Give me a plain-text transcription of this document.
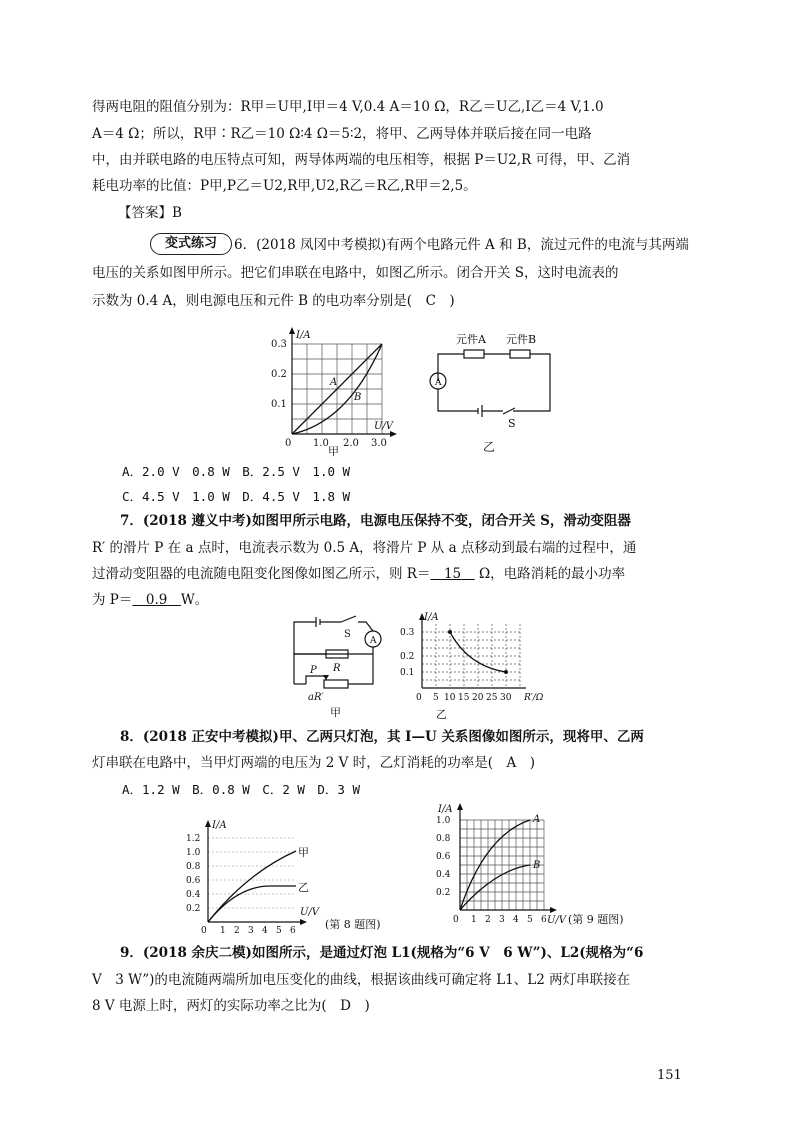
得两电阻的阻值分别为：R甲＝U甲,I甲＝4 V,0.4 A＝10 Ω，R乙＝U乙,I乙＝4 V,1.0
A＝4 Ω；所以，R甲∶R乙＝10 Ω∶4 Ω＝5∶2，将甲、乙两导体并联后接在同一电路
中，由并联电路的电压特点可知，两导体两端的电压相等，根据 P＝U2,R 可得，甲、乙消
耗电功率的比值：P甲,P乙＝U2,R甲,U2,R乙＝R乙,R甲＝2,5。
【答案】B
变式练习	6．(2018 凤冈中考模拟)有两个电路元件 A 和 B，流过元件的电流与其两端
电压的关系如图甲所示。把它们串联在电路中，如图乙所示。闭合开关 S，这时电流表的
示数为 0.4 A，则电源电压和元件 B 的电功率分别是(　C　)
I/A
U/V
0
0.1
0.2
0.3
1.0 2.0 3.0
A
B
甲
A
元件A 元件B
S
乙
A．2.0 V　0.8 W　B．2.5 V　1.0 W
C．4.5 V　1.0 W　D．4.5 V　1.8 W
7．(2018 遵义中考)如图甲所示电路，电源电压保持不变，闭合开关 S，滑动变阻器
R′ 的滑片 P 在 a 点时，电流表示数为 0.5 A，将滑片 P 从 a 点移动到最右端的过程中，通
过滑动变阻器的电流随电阻变化图像如图乙所示，则 R＝　 15　 Ω，电路消耗的最小功率
为 P＝　 0.9　 W。
A
S
R
P
aR′
甲
I/A
R′/Ω
0
0.3
0.2
0.1
5 10 15 20 25 30
乙
8．(2018 正安中考模拟)甲、乙两只灯泡，其 I—U 关系图像如图所示，现将甲、乙两
灯串联在电路中，当甲灯两端的电压为 2 V 时，乙灯消耗的功率是(　A　)
A．1.2 W　B．0.8 W　C．2 W　D．3 W
I/A
U/V
0
0.2
0.4
0.6
0.8
1.0
1.2
1 2 3 4 5 6
甲
乙
(第 8 题图)
I/A
U/V
0
0.2
0.4
0.6
0.8
1.0
1 2 3 4 5 6
A
B
(第 9 题图)
9．(2018 余庆二模)如图所示，是通过灯泡 L1(规格为“6 V　6 W”)、L2(规格为“6
V　3 W”)的电流随两端所加电压变化的曲线，根据该曲线可确定将 L1、L2 两灯串联接在
8 V 电源上时，两灯的实际功率之比为(　D　)
151
